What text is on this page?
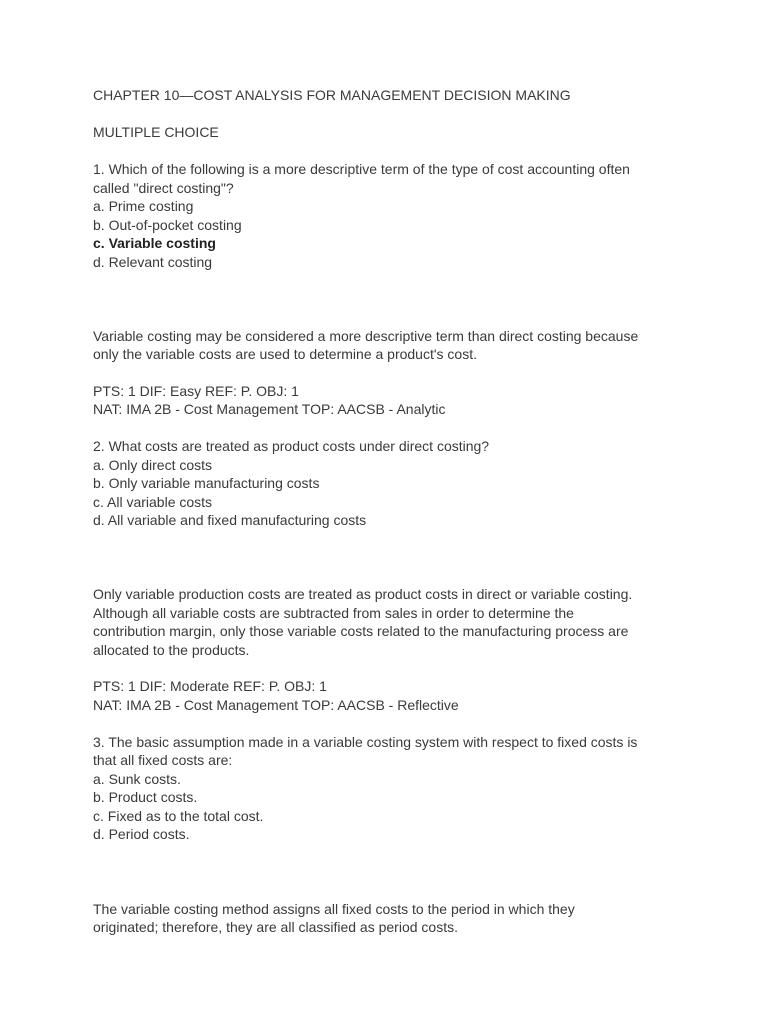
CHAPTER 10—COST ANALYSIS FOR MANAGEMENT DECISION MAKING
MULTIPLE CHOICE
1. Which of the following is a more descriptive term of the type of cost accounting often
called "direct costing"?
a. Prime costing
b. Out-of-pocket costing
c. Variable costing
d. Relevant costing
Variable costing may be considered a more descriptive term than direct costing because
only the variable costs are used to determine a product's cost.
PTS: 1 DIF: Easy REF: P. OBJ: 1
NAT: IMA 2B - Cost Management TOP: AACSB - Analytic
2. What costs are treated as product costs under direct costing?
a. Only direct costs
b. Only variable manufacturing costs
c. All variable costs
d. All variable and fixed manufacturing costs
Only variable production costs are treated as product costs in direct or variable costing.
Although all variable costs are subtracted from sales in order to determine the
contribution margin, only those variable costs related to the manufacturing process are
allocated to the products.
PTS: 1 DIF: Moderate REF: P. OBJ: 1
NAT: IMA 2B - Cost Management TOP: AACSB - Reflective
3. The basic assumption made in a variable costing system with respect to fixed costs is
that all fixed costs are:
a. Sunk costs.
b. Product costs.
c. Fixed as to the total cost.
d. Period costs.
The variable costing method assigns all fixed costs to the period in which they
originated; therefore, they are all classified as period costs.
